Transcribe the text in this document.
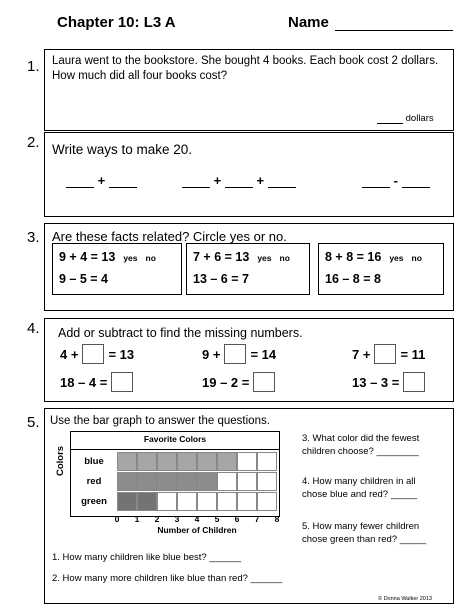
Chapter 10: L3 A	Name
1. Laura went to the bookstore. She bought 4 books. Each book cost 2 dollars.
How much did all four books cost?
dollars
2. Write ways to make 20.
+	+	+	-
3. Are these facts related? Circle yes or no.
9 + 4 = 13 yes no
9 – 5 = 4
7 + 6 = 13 yes no
13 – 6 = 7
8 + 8 = 16 yes no
16 – 8 = 8
4. Add or subtract to find the missing numbers.
4 + = 13	9 + = 14	7 + = 11
18 – 4 =	19 – 2 =	13 – 3 =
5. Use the bar graph to answer the questions.
Favorite Colors
Colors
Number of Children
blue
red
green
0	1	2	3	4	5	6	7	8
3. What color did the fewest
children choose? ________
4. How many children in all
chose blue and red? _____
5. How many fewer children
chose green than red? _____
1. How many children like blue best? ______
2. How many more children like blue than red? ______
© Donna Walker 2013
